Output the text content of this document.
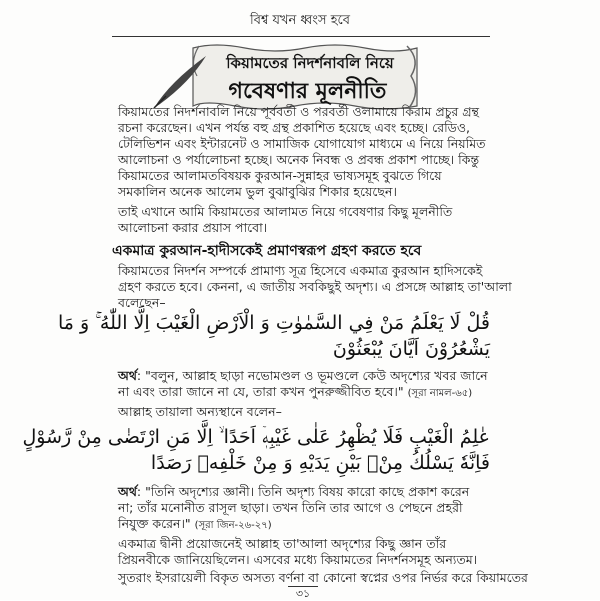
বিশ্ব যখন ধ্বংস হবে
কিয়ামতের নিদর্শনাবলি নিয়ে
গবেষণার মূলনীতি
কিয়ামতের নিদর্শনাবলি নিয়ে পূর্ববর্তী ও পরবর্তী ওলামায়ে কিরাম প্রচুর গ্রন্থ
রচনা করেছেন। এখন পর্যন্ত বহু গ্রন্থ প্রকাশিত হয়েছে এবং হচ্ছে। রেডিও,
টেলিভিশন এবং ইন্টারনেট ও সামাজিক যোগাযোগ মাধ্যমে এ নিয়ে নিয়মিত
আলোচনা ও পর্যালোচনা হচ্ছে। অনেক নিবন্ধ ও প্রবন্ধ প্রকাশ পাচ্ছে। কিন্তু
কিয়ামতের আলামতবিষয়ক কুরআন-সুন্নাহর ভাষ্যসমূহ বুঝতে গিয়ে
সমকালিন অনেক আলেম ভুল বুঝাবুঝির শিকার হয়েছেন।
তাই এখানে আমি কিয়ামতের আলামত নিয়ে গবেষণার কিছু মূলনীতি
আলোচনা করার প্রয়াস পাবো।
একমাত্র কুরআন-হাদীসকেই প্রমাণস্বরূপ গ্রহণ করতে হবে
কিয়ামতের নিদর্শন সম্পর্কে প্রামাণ্য সূত্র হিসেবে একমাত্র কুরআন হাদিসকেই
গ্রহণ করতে হবে। কেননা, এ জাতীয় সবকিছুই অদৃশ্য। এ প্রসঙ্গে আল্লাহ তা'আলা
বলেছেন–
قُلْ لَا يَعْلَمُ مَنْ فِي السَّمٰوٰتِ وَ الْاَرْضِ الْغَيْبَ اِلَّا اللّٰهُ ۚ وَ مَا
يَشْعُرُوْنَ اَيَّانَ يُبْعَثُوْنَ
অর্থ: "বলুন, আল্লাহ ছাড়া নভোমণ্ডল ও ভূমণ্ডলে কেউ অদৃশ্যের খবর জানে
না এবং তারা জানে না যে, তারা কখন পুনরুজ্জীবিত হবে।" (সূরা নামল-৬৫)
আল্লাহ তায়ালা অন্যস্থানে বলেন–
عٰلِمُ الْغَيْبِ فَلَا يُظْهِرُ عَلٰى غَيْبِهٖۤ اَحَدًا ۙ اِلَّا مَنِ ارْتَضٰى مِنْ رَّسُوْلٍ
فَاِنَّهٗ يَسْلُكُ مِنْۢ بَيْنِ يَدَيْهِ وَ مِنْ خَلْفِهٖ رَصَدًا
অর্থ: "তিনি অদৃশ্যের জ্ঞানী। তিনি অদৃশ্য বিষয় কারো কাছে প্রকাশ করেন
না; তাঁর মনোনীত রাসূল ছাড়া। তখন তিনি তার আগে ও পেছনে প্রহরী
নিযুক্ত করেন।" (সূরা জিন-২৬-২৭)
একমাত্র দ্বীনী প্রয়োজনেই আল্লাহ তা'আলা অদৃশ্যের কিছু জ্ঞান তাঁর
প্রিয়নবীকে জানিয়েছিলেন। এসবের মধ্যে কিয়ামতের নিদর্শনসমূহ অন্যতম।
সুতরাং ইসরায়েলী বিকৃত অসত্য বর্ণনা বা কোনো স্বপ্নের ওপর নির্ভর করে কিয়ামতের
৩১
